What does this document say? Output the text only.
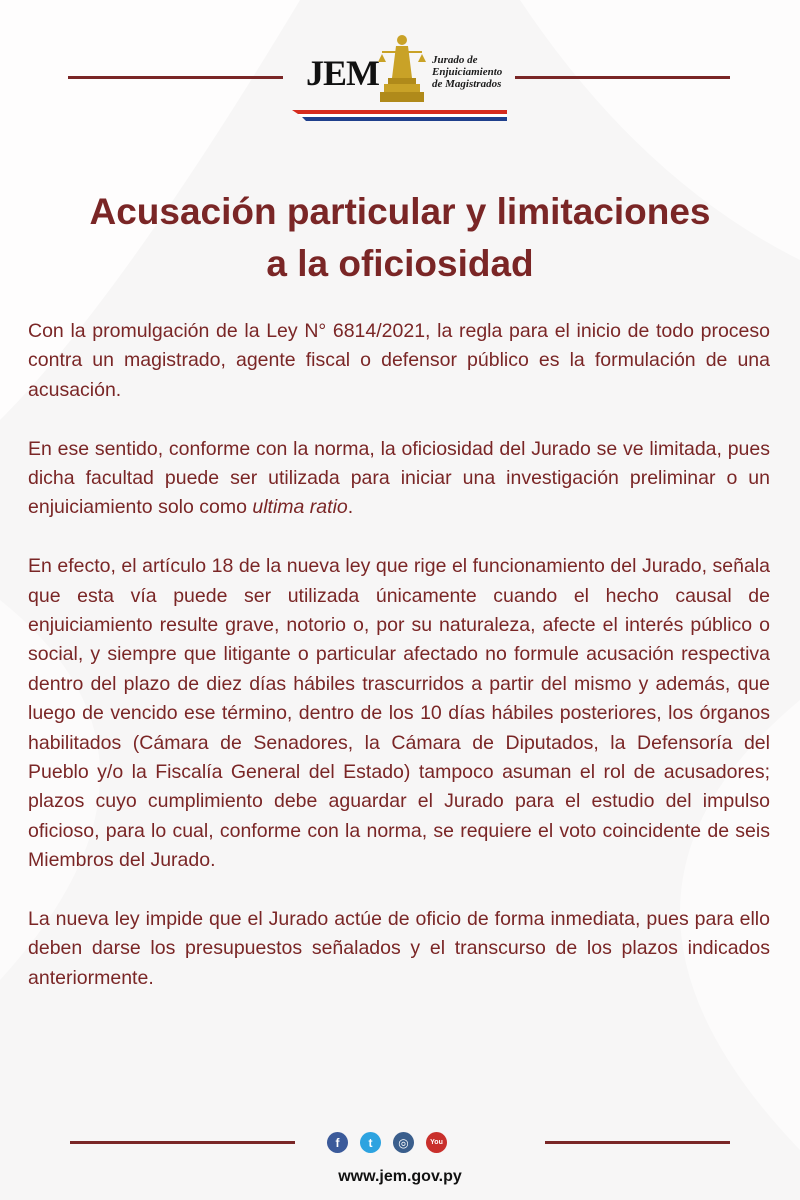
JEM	Jurado de
Enjuiciamiento
de Magistrados
Acusación particular y limitaciones
a la oficiosidad

Con la promulgación de la Ley N° 6814/2021, la regla para el inicio de todo proceso contra un magistrado, agente fiscal o defensor público es la formulación de una acusación.

En ese sentido, conforme con la norma, la oficiosidad del Jurado se ve limitada, pues dicha facultad puede ser utilizada para iniciar una investigación preliminar o un enjuiciamiento solo como ultima ratio.

En efecto, el artículo 18 de la nueva ley que rige el funcionamiento del Jurado, señala que esta vía puede ser utilizada únicamente cuando el hecho causal de enjuiciamiento resulte grave, notorio o, por su naturaleza, afecte el interés público o social, y siempre que litigante o particular afectado no formule acusación respectiva dentro del plazo de diez días hábiles trascurridos a partir del mismo y además, que luego de vencido ese término, dentro de los 10 días hábiles posteriores, los órganos habilitados (Cámara de Senadores, la Cámara de Diputados, la Defensoría del Pueblo y/o la Fiscalía General del Estado) tampoco asuman el rol de acusadores; plazos cuyo cumplimiento debe aguardar el Jurado para el estudio del impulso oficioso, para lo cual, conforme con la norma, se requiere el voto coincidente de seis Miembros del Jurado.

La nueva ley impide que el Jurado actúe de oficio de forma inmediata, pues para ello deben darse los presupuestos señalados y el transcurso de los plazos indicados anteriormente.

f	t	◎	You
www.jem.gov.py
